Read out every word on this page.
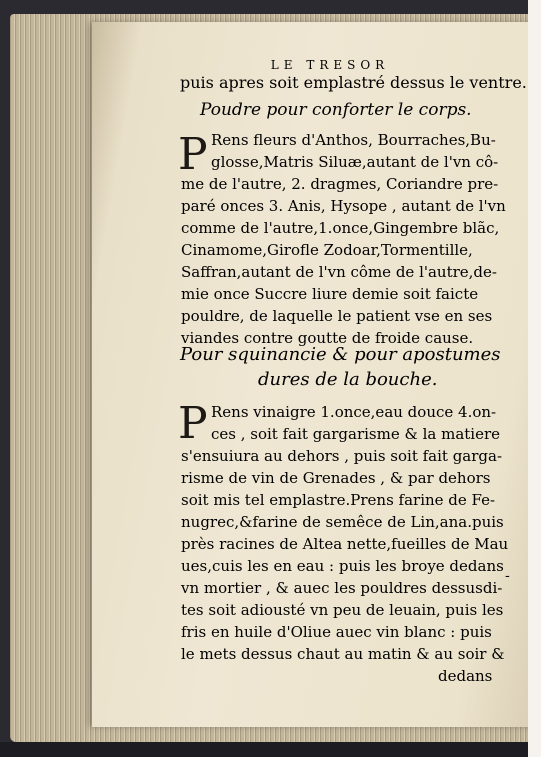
LE TRESOR
puis apres soit emplastré dessus le ventre.
Poudre pour conforter le corps.
P Rens fleurs d'Anthos, Bourraches,Bu-
glosse,Matris Siluæ,autant de l'vn cô-
me de l'autre, 2. dragmes, Coriandre pre-
paré onces 3. Anis, Hysope , autant de l'vn
comme de l'autre,1.once,Gingembre blãc,
Cinamome,Girofle Zodoar,Tormentille,
Saffran,autant de l'vn côme de l'autre,de-
mie once Succre liure demie soit faicte
pouldre, de laquelle le patient vse en ses
viandes contre goutte de froide cause.
Pour squinancie & pour apostumes
dures de la bouche.
P Rens vinaigre 1.once,eau douce 4.on-
ces , soit fait gargarisme & la matiere
s'ensuiura au dehors , puis soit fait garga-
risme de vin de Grenades , & par dehors
soit mis tel emplastre.Prens farine de Fe-
nugrec,&farine de semêce de Lin,ana.puis
près racines de Altea nette,fueilles de Mau
ues,cuis les en eau : puis les broye dedans
vn mortier , & auec les pouldres dessusdi-
tes soit adiousté vn peu de leuain, puis les
fris en huile d'Oliue auec vin blanc : puis
le mets dessus chaut au matin & au soir &
dedans
-
